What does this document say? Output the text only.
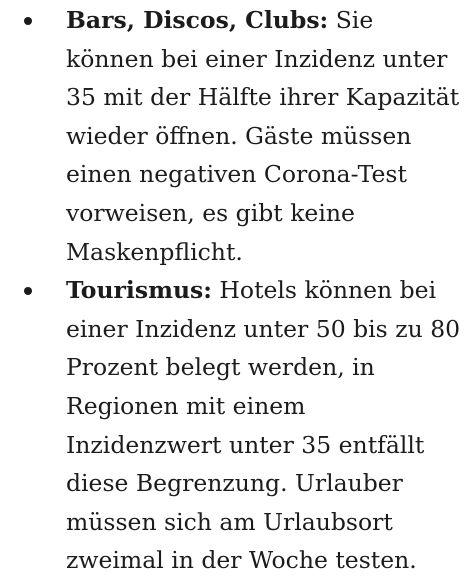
Bars, Discos, Clubs: Sie können bei einer Inzidenz unter 35 mit der Hälfte ihrer Kapazität wieder öffnen. Gäste müssen einen negativen Corona-Test vorweisen, es gibt keine Maskenpflicht.
Tourismus: Hotels können bei einer Inzidenz unter 50 bis zu 80 Prozent belegt werden, in Regionen mit einem Inzidenzwert unter 35 entfällt diese Begrenzung. Urlauber müssen sich am Urlaubsort zweimal in der Woche testen.
